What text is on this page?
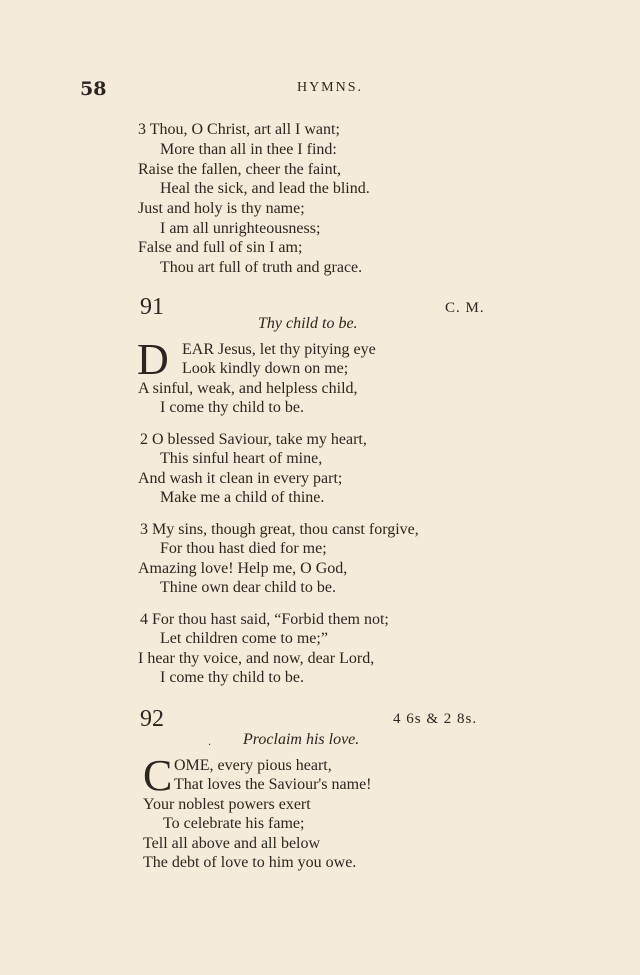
58	HYMNS.
3 Thou, O Christ, art all I want;
More than all in thee I find:
Raise the fallen, cheer the faint,
Heal the sick, and lead the blind.
Just and holy is thy name;
I am all unrighteousness;
False and full of sin I am;
Thou art full of truth and grace.
91	C. M.
Thy child to be.
D EAR Jesus, let thy pitying eye
Look kindly down on me;
A sinful, weak, and helpless child,
I come thy child to be.
2 O blessed Saviour, take my heart,
This sinful heart of mine,
And wash it clean in every part;
Make me a child of thine.
3 My sins, though great, thou canst forgive,
For thou hast died for me;
Amazing love! Help me, O God,
Thine own dear child to be.
4 For thou hast said, “Forbid them not;
Let children come to me;”
I hear thy voice, and now, dear Lord,
I come thy child to be.
92	4 6s & 2 8s.
· Proclaim his love.
C OME, every pious heart,
That loves the Saviour's name!
Your noblest powers exert
To celebrate his fame;
Tell all above and all below
The debt of love to him you owe.
